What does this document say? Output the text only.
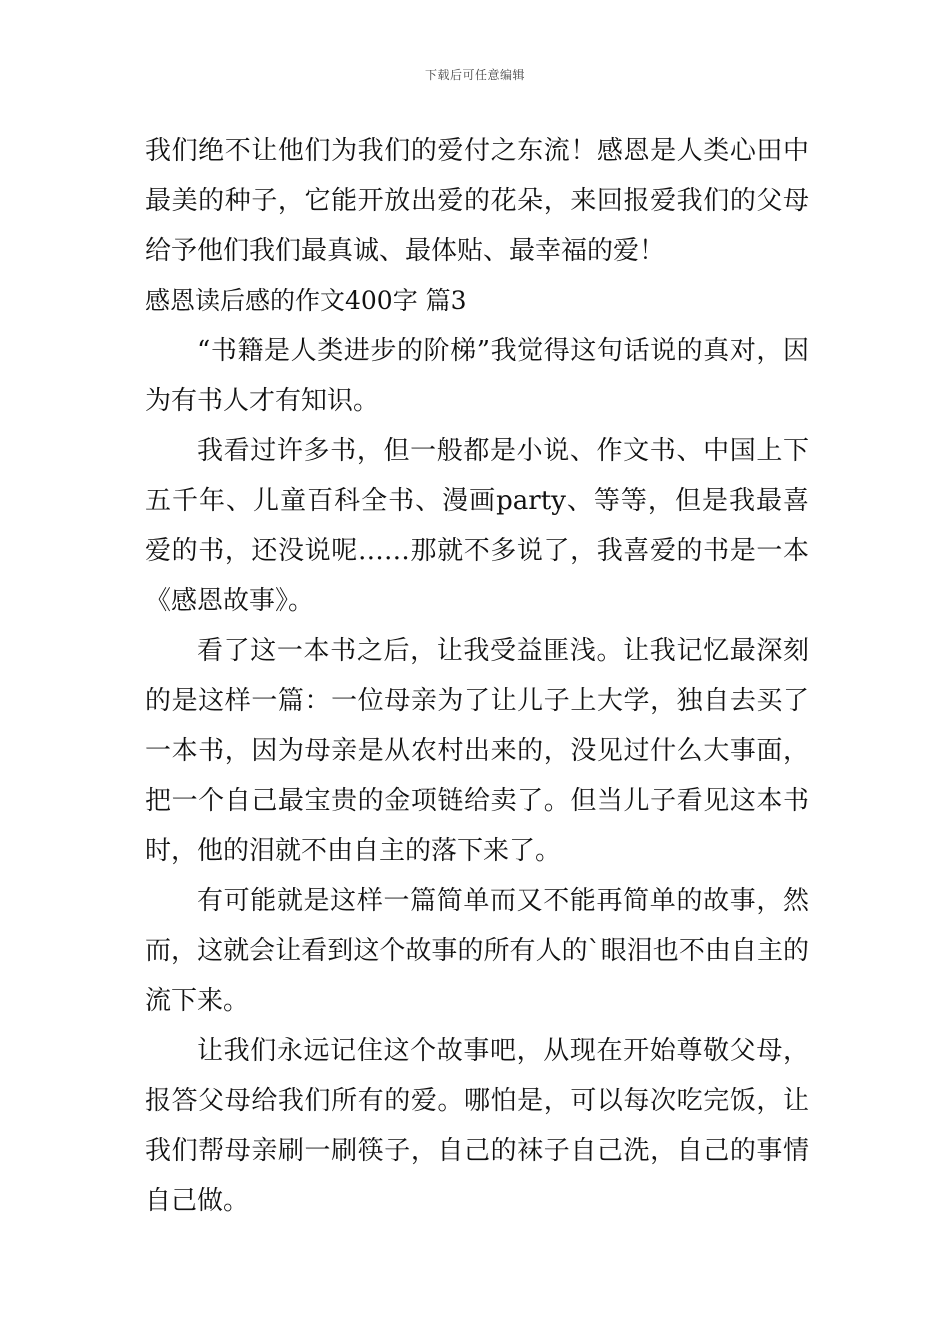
下载后可任意编辑

我们绝不让他们为我们的爱付之东流！感恩是人类心田中最美的种子，它能开放出爱的花朵，来回报爱我们的父母给予他们我们最真诚、最体贴、最幸福的爱！

感恩读后感的作文400字 篇3

“书籍是人类进步的阶梯”我觉得这句话说的真对，因为有书人才有知识。

我看过许多书，但一般都是小说、作文书、中国上下五千年、儿童百科全书、漫画party、等等，但是我最喜爱的书，还没说呢……那就不多说了，我喜爱的书是一本《感恩故事》。

看了这一本书之后，让我受益匪浅。让我记忆最深刻的是这样一篇：一位母亲为了让儿子上大学，独自去买了一本书，因为母亲是从农村出来的，没见过什么大事面，把一个自己最宝贵的金项链给卖了。但当儿子看见这本书时，他的泪就不由自主的落下来了。

有可能就是这样一篇简单而又不能再简单的故事，然而，这就会让看到这个故事的所有人的`眼泪也不由自主的流下来。

让我们永远记住这个故事吧，从现在开始尊敬父母，报答父母给我们所有的爱。哪怕是，可以每次吃完饭，让我们帮母亲刷一刷筷子，自己的袜子自己洗，自己的事情自己做。
